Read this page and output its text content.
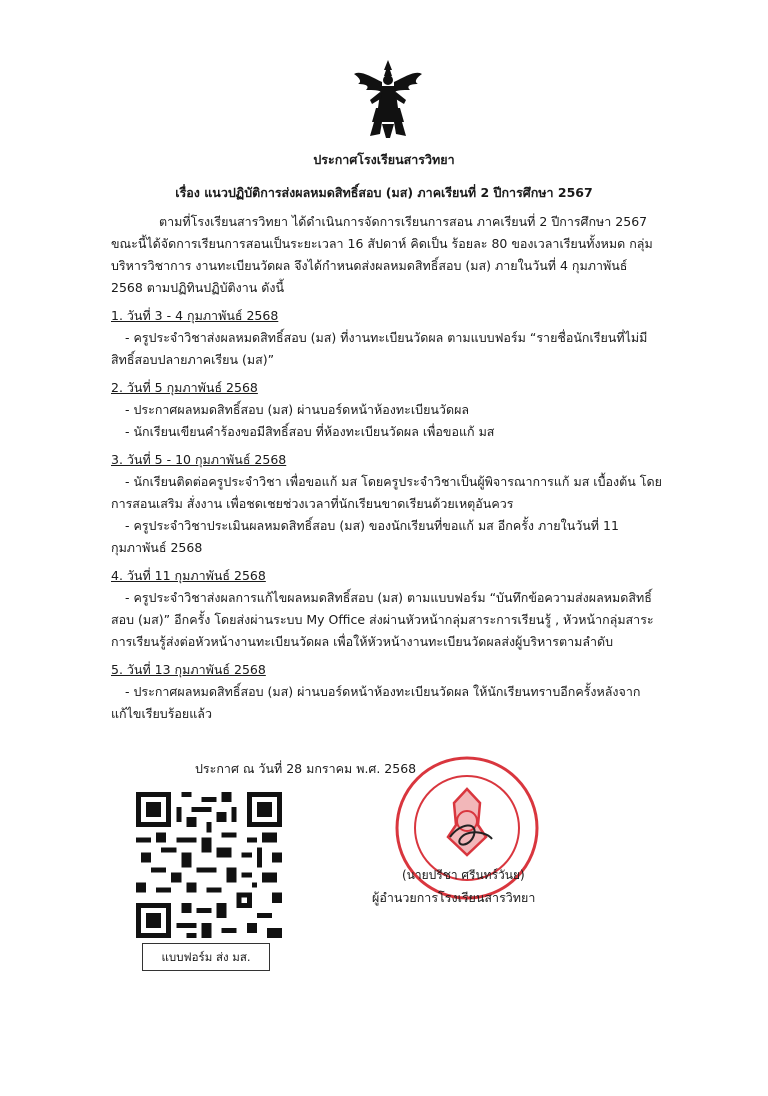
ประกาศโรงเรียนสารวิทยา
เรื่อง แนวปฏิบัติการส่งผลหมดสิทธิ์สอบ (มส) ภาคเรียนที่ 2 ปีการศึกษา 2567

ตามที่โรงเรียนสารวิทยา ได้ดำเนินการจัดการเรียนการสอน ภาคเรียนที่ 2 ปีการศึกษา 2567 ขณะนี้ได้จัดการเรียนการสอนเป็นระยะเวลา 16 สัปดาห์ คิดเป็น ร้อยละ 80 ของเวลาเรียนทั้งหมด กลุ่มบริหารวิชาการ งานทะเบียนวัดผล จึงได้กำหนดส่งผลหมดสิทธิ์สอบ (มส) ภายในวันที่ 4 กุมภาพันธ์ 2568 ตามปฏิทินปฏิบัติงาน ดังนี้

1. วันที่ 3 - 4 กุมภาพันธ์ 2568

- ครูประจำวิชาส่งผลหมดสิทธิ์สอบ (มส) ที่งานทะเบียนวัดผล ตามแบบฟอร์ม “รายชื่อนักเรียนที่ไม่มีสิทธิ์สอบปลายภาคเรียน (มส)”

2. วันที่ 5 กุมภาพันธ์ 2568

- ประกาศผลหมดสิทธิ์สอบ (มส) ผ่านบอร์ดหน้าห้องทะเบียนวัดผล

- นักเรียนเขียนคำร้องขอมีสิทธิ์สอบ ที่ห้องทะเบียนวัดผล เพื่อขอแก้ มส

3. วันที่ 5 - 10 กุมภาพันธ์ 2568

- นักเรียนติดต่อครูประจำวิชา เพื่อขอแก้ มส โดยครูประจำวิชาเป็นผู้พิจารณาการแก้ มส เบื้องต้น โดยการสอนเสริม สั่งงาน เพื่อชดเชยช่วงเวลาที่นักเรียนขาดเรียนด้วยเหตุอันควร

- ครูประจำวิชาประเมินผลหมดสิทธิ์สอบ (มส) ของนักเรียนที่ขอแก้ มส อีกครั้ง ภายในวันที่ 11 กุมภาพันธ์ 2568

4. วันที่ 11 กุมภาพันธ์ 2568

- ครูประจำวิชาส่งผลการแก้ไขผลหมดสิทธิ์สอบ (มส) ตามแบบฟอร์ม “บันทึกข้อความส่งผลหมดสิทธิ์สอบ (มส)” อีกครั้ง โดยส่งผ่านระบบ My Office ส่งผ่านหัวหน้ากลุ่มสาระการเรียนรู้ , หัวหน้ากลุ่มสาระการเรียนรู้ส่งต่อหัวหน้างานทะเบียนวัดผล เพื่อให้หัวหน้างานทะเบียนวัดผลส่งผู้บริหารตามลำดับ

5. วันที่ 13 กุมภาพันธ์ 2568

- ประกาศผลหมดสิทธิ์สอบ (มส) ผ่านบอร์ดหน้าห้องทะเบียนวัดผล ให้นักเรียนทราบอีกครั้งหลังจากแก้ไขเรียบร้อยแล้ว

ประกาศ ณ วันที่ 28 มกราคม พ.ศ. 2568
แบบฟอร์ม ส่ง มส.
(นายปรีชา ศรีนทร์วันย)
ผู้อำนวยการโรงเรียนสารวิทยา
